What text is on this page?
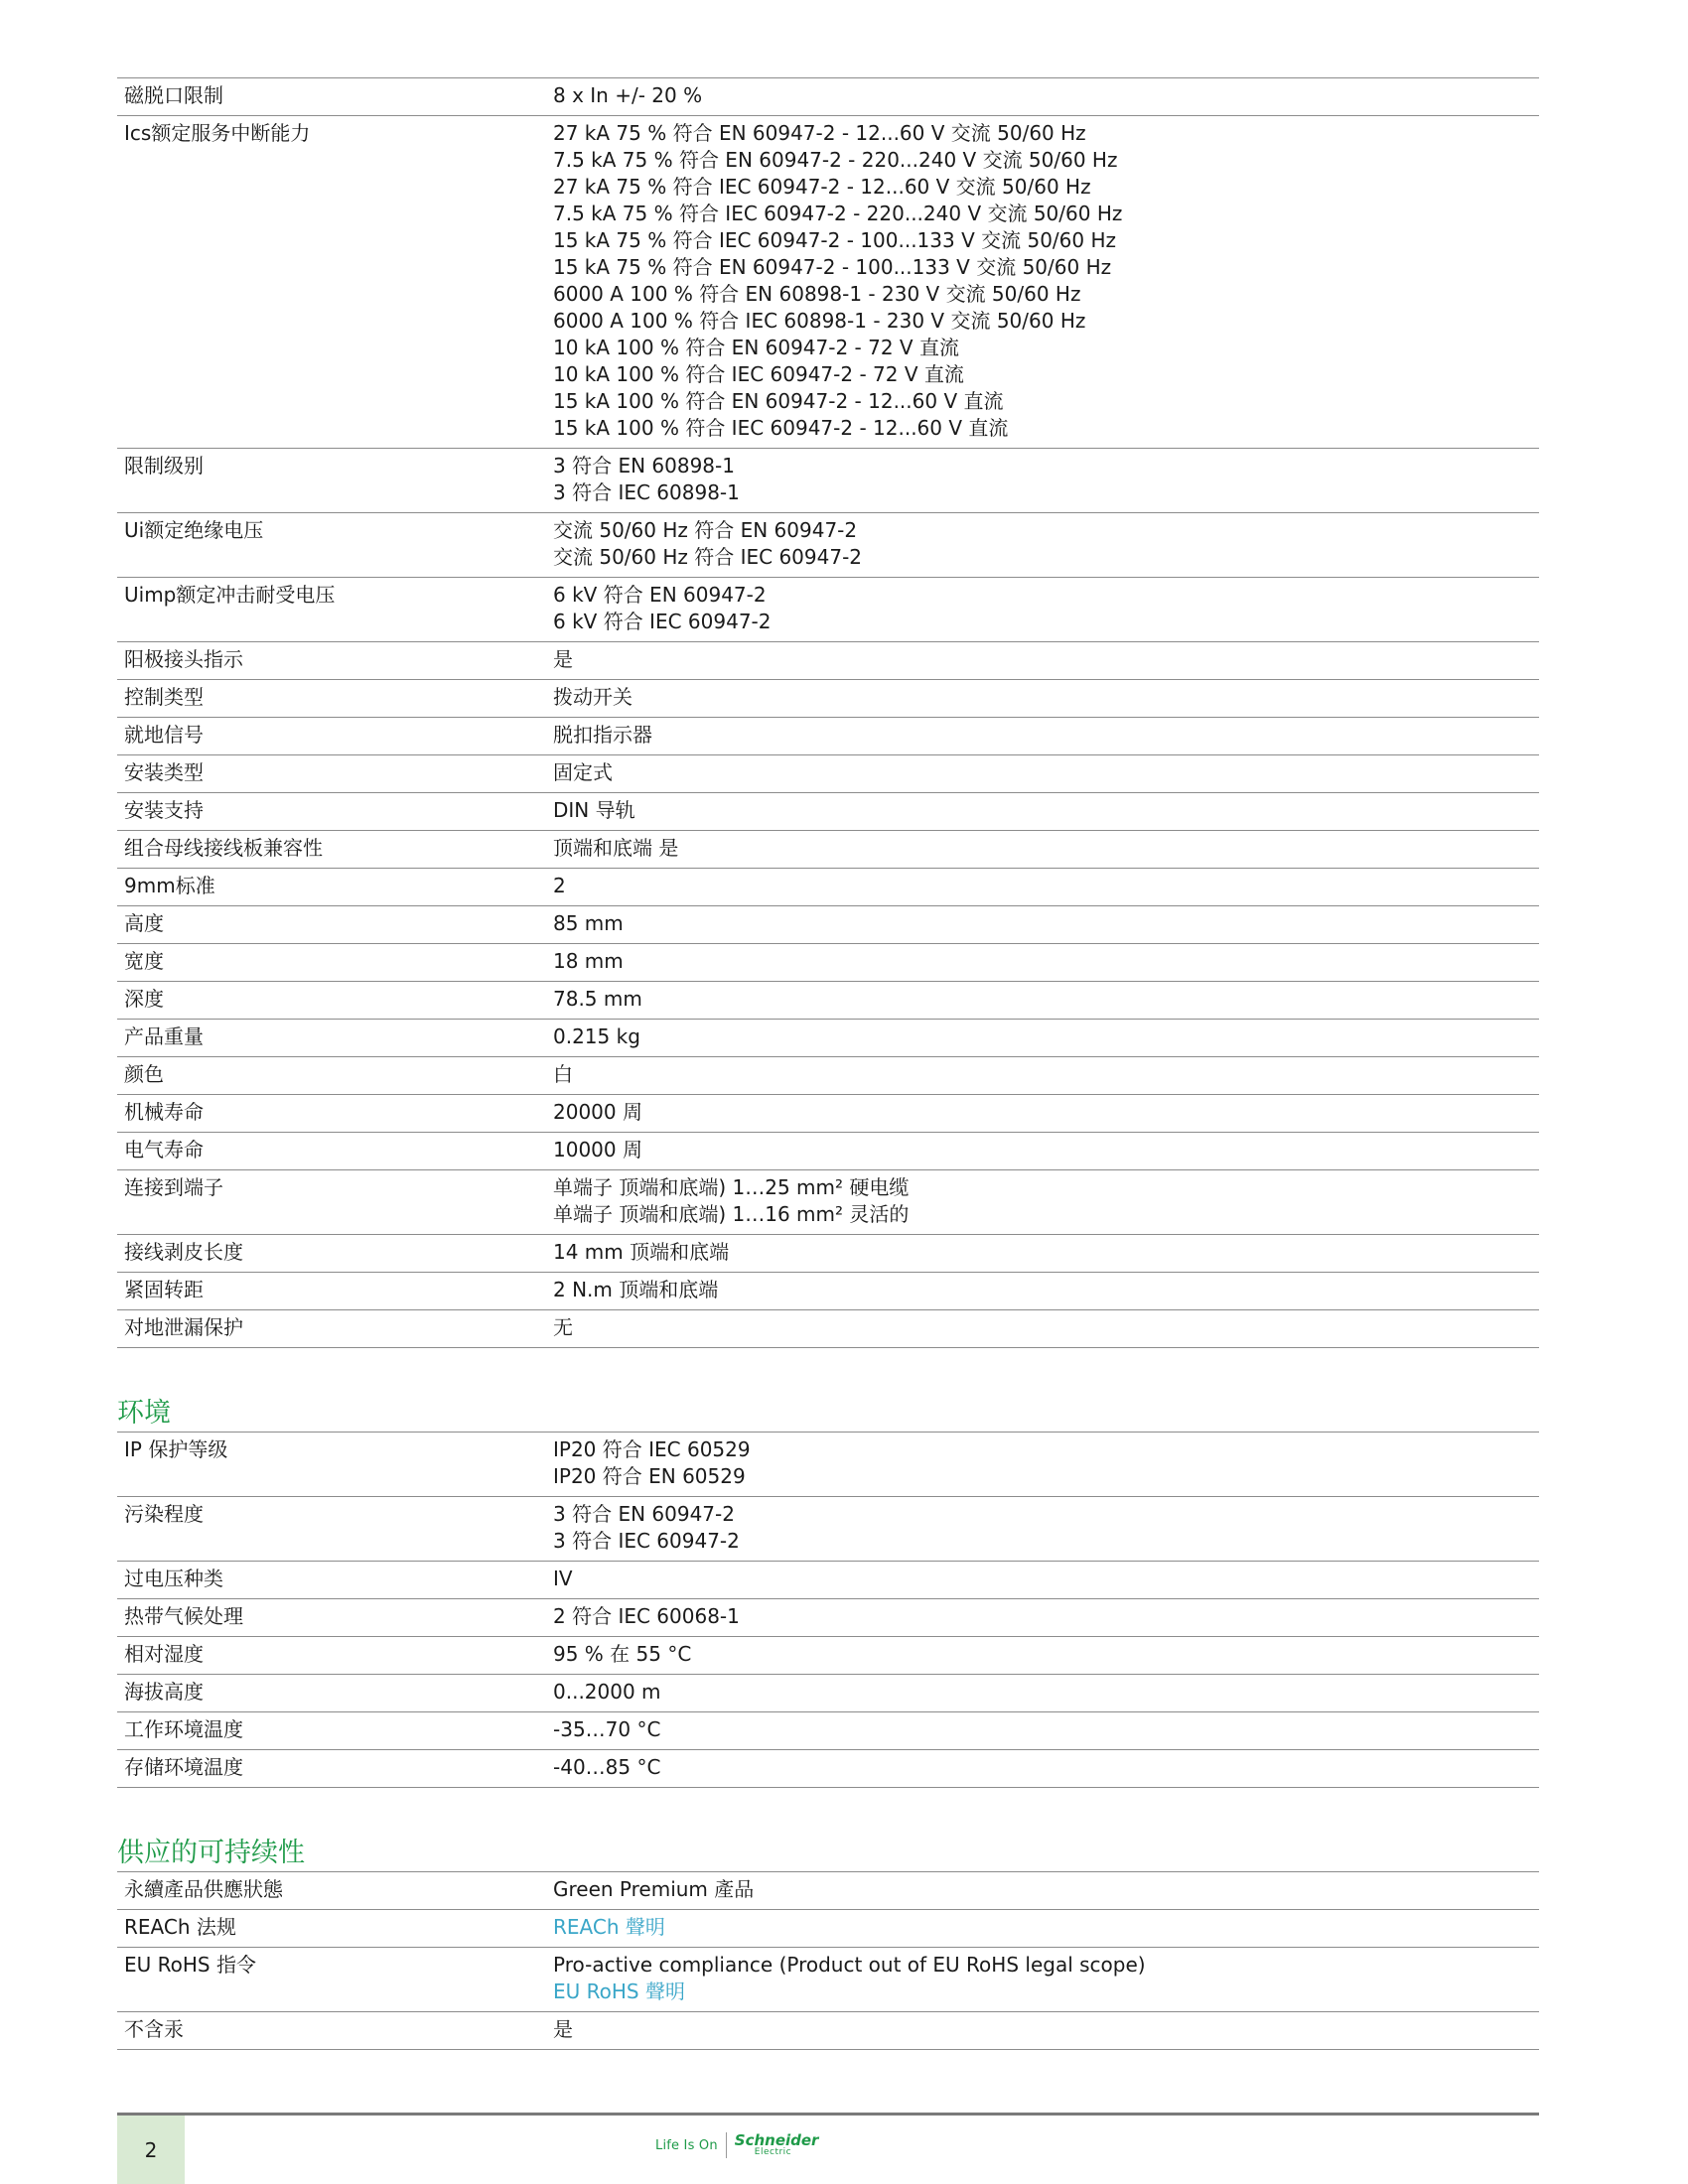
磁脱口限制	8 x In +/- 20 %
Ics额定服务中断能力	27 kA 75 % 符合 EN 60947-2 - 12...60 V 交流 50/60 Hz
7.5 kA 75 % 符合 EN 60947-2 - 220...240 V 交流 50/60 Hz
27 kA 75 % 符合 IEC 60947-2 - 12...60 V 交流 50/60 Hz
7.5 kA 75 % 符合 IEC 60947-2 - 220...240 V 交流 50/60 Hz
15 kA 75 % 符合 IEC 60947-2 - 100...133 V 交流 50/60 Hz
15 kA 75 % 符合 EN 60947-2 - 100...133 V 交流 50/60 Hz
6000 A 100 % 符合 EN 60898-1 - 230 V 交流 50/60 Hz
6000 A 100 % 符合 IEC 60898-1 - 230 V 交流 50/60 Hz
10 kA 100 % 符合 EN 60947-2 - 72 V 直流
10 kA 100 % 符合 IEC 60947-2 - 72 V 直流
15 kA 100 % 符合 EN 60947-2 - 12...60 V 直流
15 kA 100 % 符合 IEC 60947-2 - 12...60 V 直流
限制级别	3 符合 EN 60898-1
3 符合 IEC 60898-1
Ui额定绝缘电压	交流 50/60 Hz 符合 EN 60947-2
交流 50/60 Hz 符合 IEC 60947-2
Uimp额定冲击耐受电压	6 kV 符合 EN 60947-2
6 kV 符合 IEC 60947-2
阳极接头指示	是
控制类型	拨动开关
就地信号	脱扣指示器
安装类型	固定式
安装支持	DIN 导轨
组合母线接线板兼容性	顶端和底端 是
9mm标准	2
高度	85 mm
宽度	18 mm
深度	78.5 mm
产品重量	0.215 kg
颜色	白
机械寿命	20000 周
电气寿命	10000 周
连接到端子	单端子 顶端和底端) 1…25 mm² 硬电缆
单端子 顶端和底端) 1…16 mm² 灵活的
接线剥皮长度	14 mm 顶端和底端
紧固转距	2 N.m 顶端和底端
对地泄漏保护	无
环境
IP 保护等级	IP20 符合 IEC 60529
IP20 符合 EN 60529
污染程度	3 符合 EN 60947-2
3 符合 IEC 60947-2
过电压种类	IV
热带气候处理	2 符合 IEC 60068-1
相对湿度	95 % 在 55 °C
海拔高度	0...2000 m
工作环境温度	-35…70 °C
存储环境温度	-40…85 °C
供应的可持续性
永續產品供應狀態	Green Premium 產品
REACh 法规	REACh 聲明
EU RoHS 指令	Pro-active compliance (Product out of EU RoHS legal scope)
EU RoHS 聲明
不含汞	是
2	Life Is On Schneider
Electric
